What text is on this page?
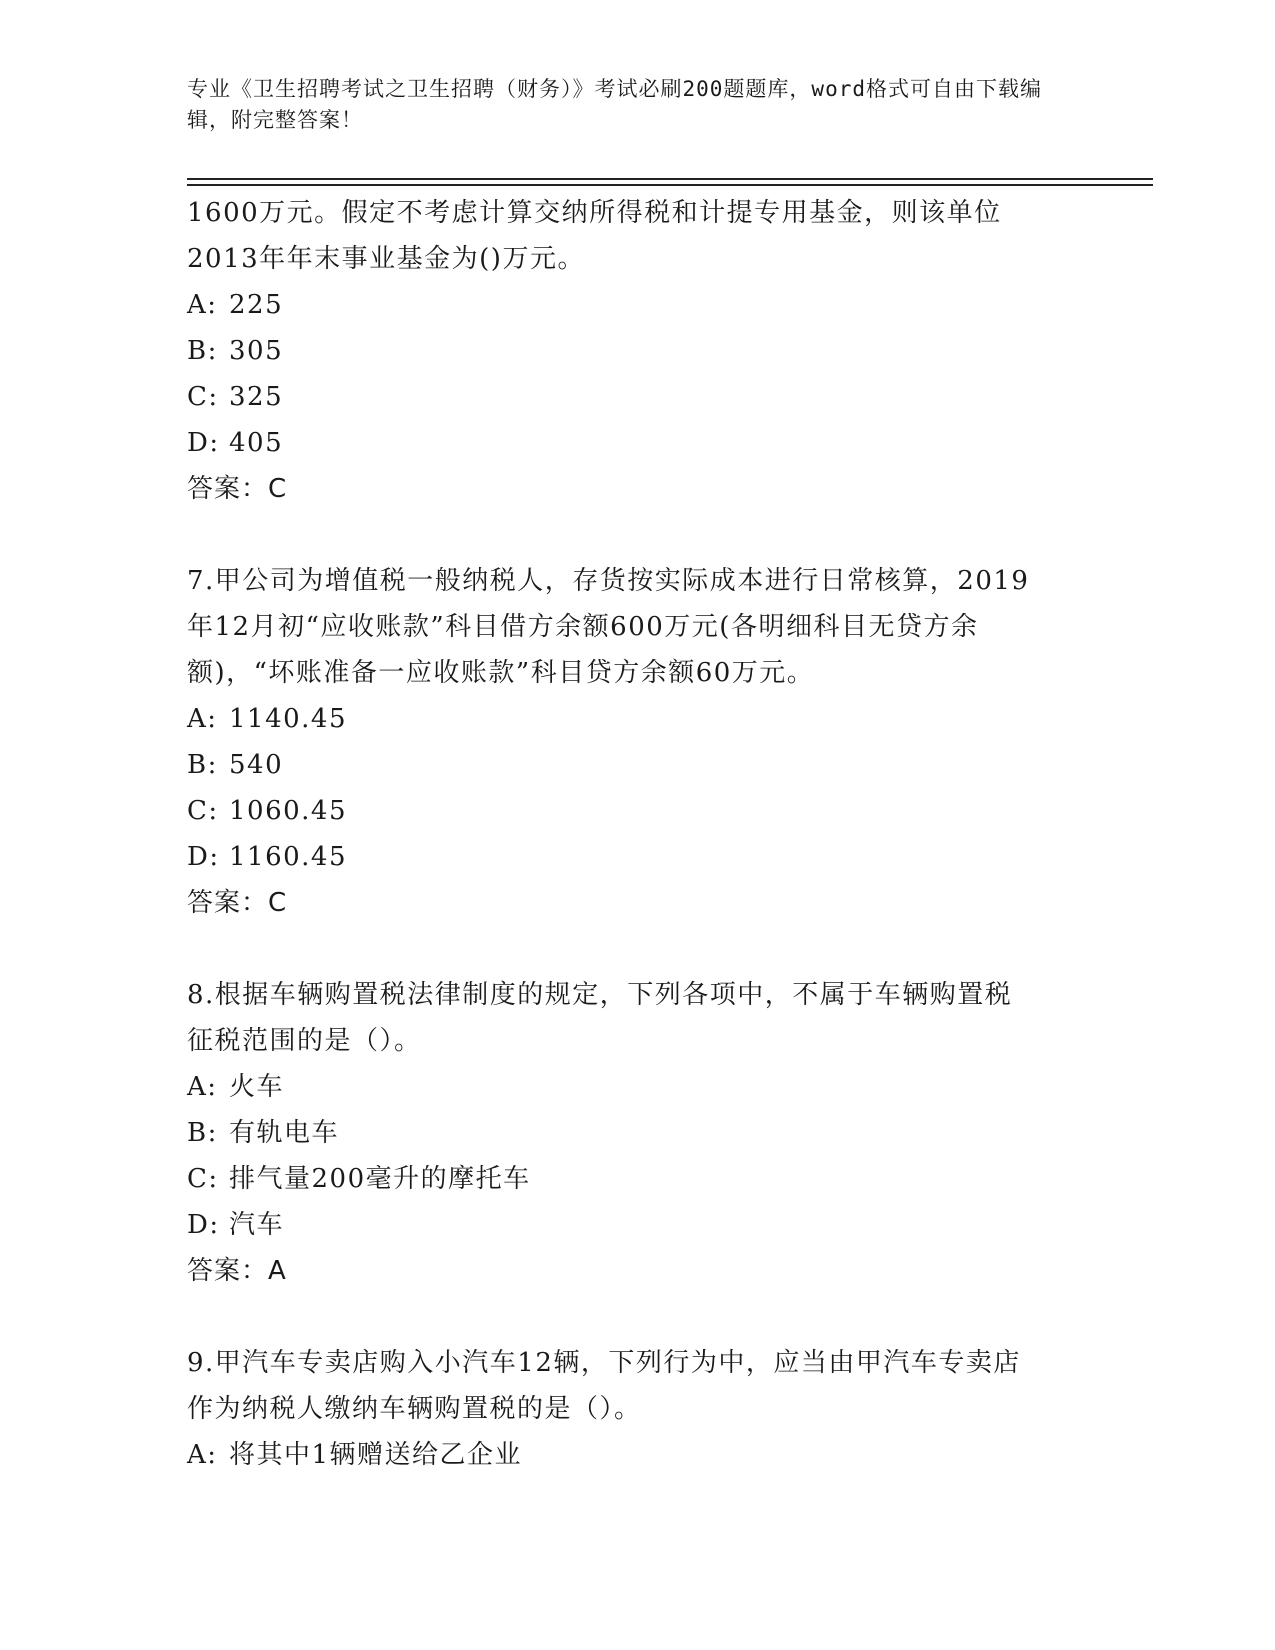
专业《卫生招聘考试之卫生招聘（财务）》考试必刷200题题库，word格式可自由下载编辑，附完整答案！

1600万元。假定不考虑计算交纳所得税和计提专用基金，则该单位

2013年年末事业基金为()万元。

A: 225
B: 305
C: 325
D: 405

答案：C

7.甲公司为增值税一般纳税人，存货按实际成本进行日常核算，2019

年12月初“应收账款”科目借方余额600万元(各明细科目无贷方余

额)，“坏账准备一应收账款”科目贷方余额60万元。

A: 1140.45
B: 540
C: 1060.45
D: 1160.45

答案：C

8.根据车辆购置税法律制度的规定，下列各项中，不属于车辆购置税

征税范围的是（）。

A: 火车
B: 有轨电车
C: 排气量200毫升的摩托车
D: 汽车

答案：A

9.甲汽车专卖店购入小汽车12辆，下列行为中，应当由甲汽车专卖店

作为纳税人缴纳车辆购置税的是（）。

A: 将其中1辆赠送给乙企业
